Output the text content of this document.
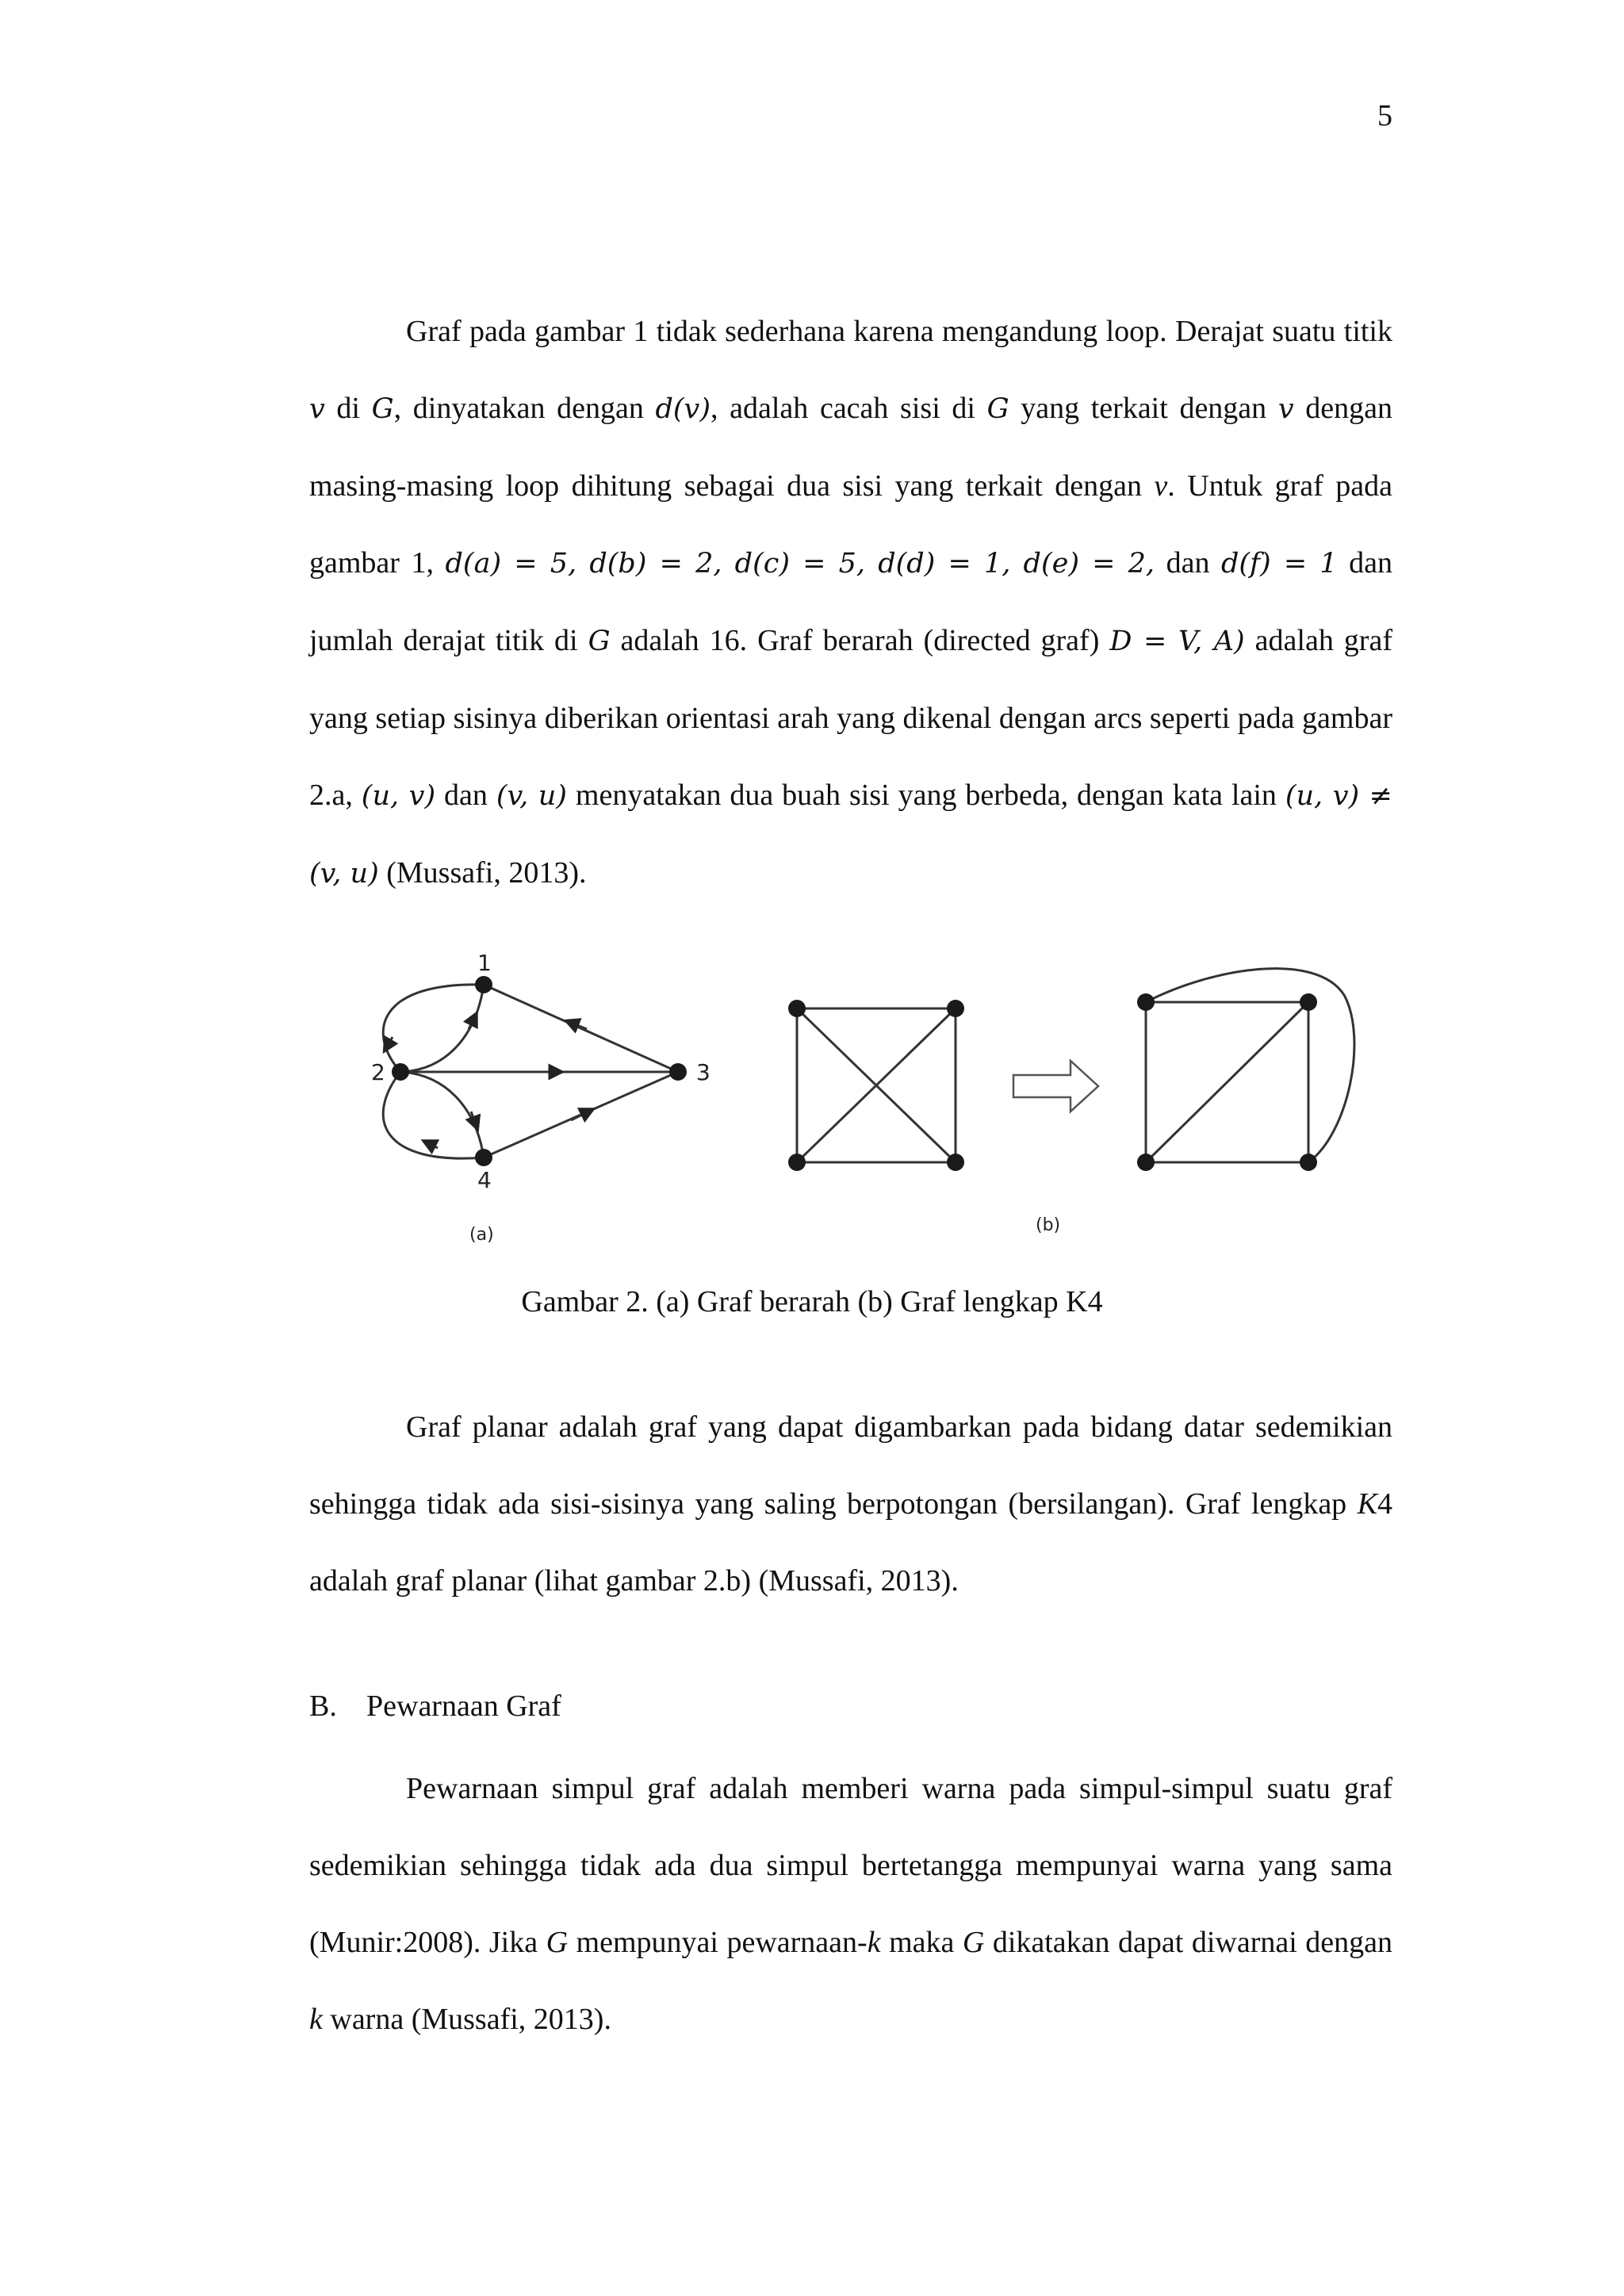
5

Graf pada gambar 1 tidak sederhana karena mengandung loop. Derajat suatu titik v di G, dinyatakan dengan d(v), adalah cacah sisi di G yang terkait dengan v dengan masing-masing loop dihitung sebagai dua sisi yang terkait dengan v. Untuk graf pada gambar 1, d(a) = 5, d(b) = 2, d(c) = 5, d(d) = 1, d(e) = 2, dan d(f) = 1 dan jumlah derajat titik di G adalah 16. Graf berarah (directed graf) D = V, A) adalah graf yang setiap sisinya diberikan orientasi arah yang dikenal dengan arcs seperti pada gambar 2.a, (u, v) dan (v, u) menyatakan dua buah sisi yang berbeda, dengan kata lain (u, v) ≠ (v, u) (Mussafi, 2013).

1
2	3
4
(a)	(b)
Gambar 2. (a) Graf berarah (b) Graf lengkap K4

Graf planar adalah graf yang dapat digambarkan pada bidang datar sedemikian sehingga tidak ada sisi-sisinya yang saling berpotongan (bersilangan). Graf lengkap K4 adalah graf planar (lihat gambar 2.b) (Mussafi, 2013).

B. Pewarnaan Graf

Pewarnaan simpul graf adalah memberi warna pada simpul-simpul suatu graf sedemikian sehingga tidak ada dua simpul bertetangga mempunyai warna yang sama (Munir:2008). Jika G mempunyai pewarnaan-k maka G dikatakan dapat diwarnai dengan k warna (Mussafi, 2013).
